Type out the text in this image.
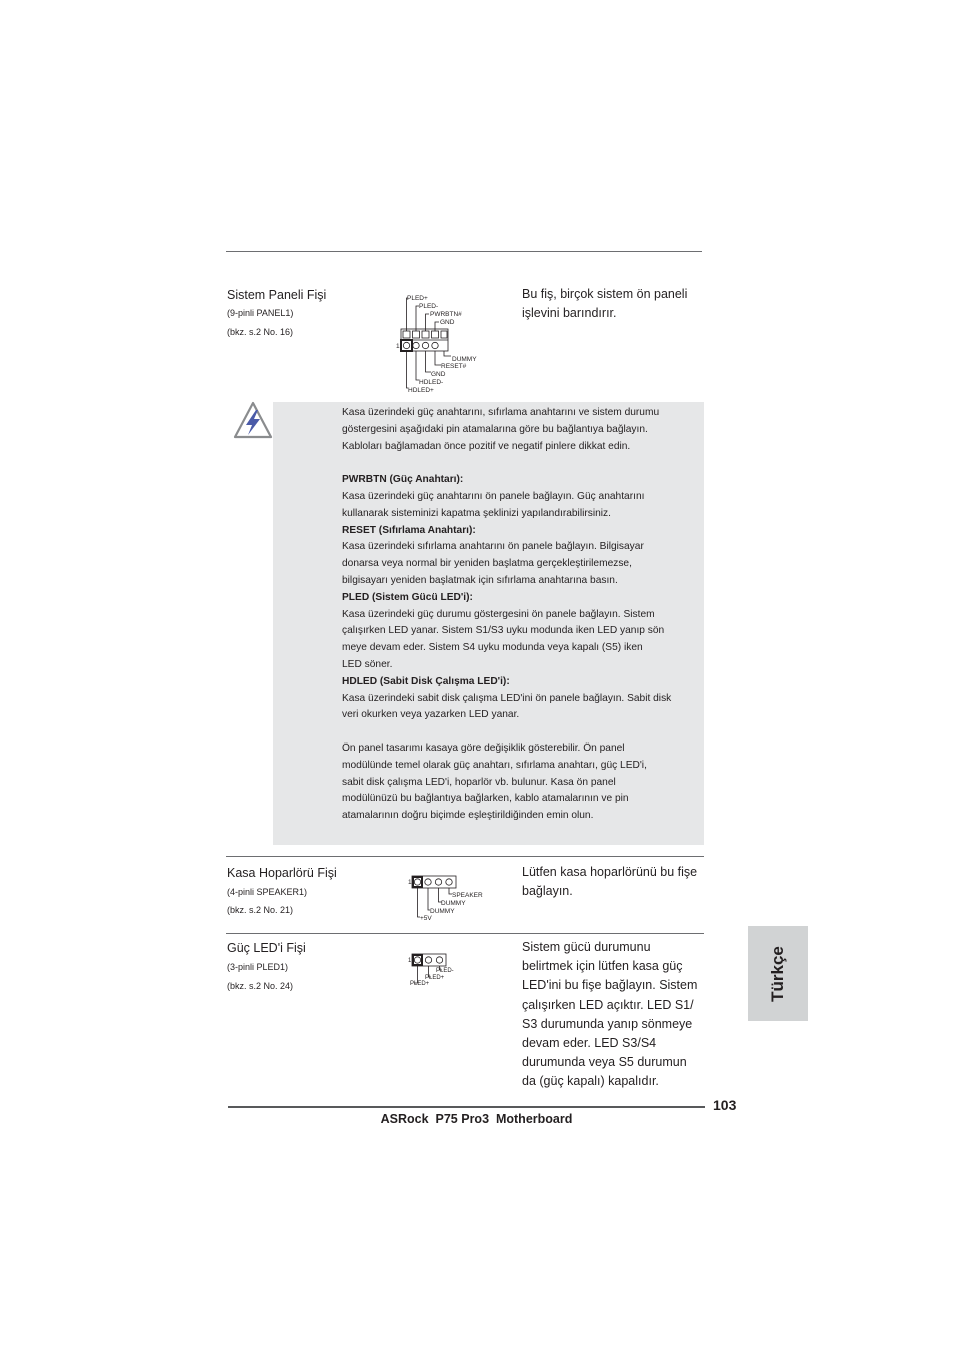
Sistem Paneli Fişi
(9-pinli PANEL1)
(bkz. s.2 No. 16)
Bu fiş, birçok sistem ön paneli
işlevini barındırır.
PLED+
PLED-
PWRBTN#
GND
1
DUMMY
RESET#
GND
HDLED-
HDLED+

Kasa üzerindeki güç anahtarını, sıfırlama anahtarını ve sistem durumu

göstergesini aşağıdaki pin atamalarına göre bu bağlantıya bağlayın.

Kabloları bağlamadan önce pozitif ve negatif pinlere dikkat edin.

PWRBTN (Güç Anahtarı):

Kasa üzerindeki güç anahtarını ön panele bağlayın. Güç anahtarını

kullanarak sisteminizi kapatma şeklinizi yapılandırabilirsiniz.

RESET (Sıfırlama Anahtarı):

Kasa üzerindeki sıfırlama anahtarını ön panele bağlayın. Bilgisayar

donarsa veya normal bir yeniden başlatma gerçekleştirilemezse,

bilgisayarı yeniden başlatmak için sıfırlama anahtarına basın.

PLED (Sistem Gücü LED'i):

Kasa üzerindeki güç durumu göstergesini ön panele bağlayın. Sistem

çalışırken LED yanar. Sistem S1/S3 uyku modunda iken LED yanıp sön

meye devam eder. Sistem S4 uyku modunda veya kapalı (S5) iken

LED söner.

HDLED (Sabit Disk Çalışma LED'i):

Kasa üzerindeki sabit disk çalışma LED'ini ön panele bağlayın. Sabit disk

veri okurken veya yazarken LED yanar.

Ön panel tasarımı kasaya göre değişiklik gösterebilir. Ön panel

modülünde temel olarak güç anahtarı, sıfırlama anahtarı, güç LED'i,

sabit disk çalışma LED'i, hoparlör vb. bulunur. Kasa ön panel

modülünüzü bu bağlantıya bağlarken, kablo atamalarının ve pin

atamalarının doğru biçimde eşleştirildiğinden emin olun.

Kasa Hoparlörü Fişi
(4-pinli SPEAKER1)
(bkz. s.2 No. 21)
Lütfen kasa hoparlörünü bu fişe
bağlayın.
1
SPEAKER
DUMMY
DUMMY
+5V
Güç LED'i Fişi
(3-pinli PLED1)
(bkz. s.2 No. 24)
Sistem gücü durumunu
belirtmek için lütfen kasa güç
LED'ini bu fişe bağlayın. Sistem
çalışırken LED açıktır. LED S1/
S3 durumunda yanıp sönmeye
devam eder. LED S3/S4
durumunda veya S5 durumun
da (güç kapalı) kapalıdır.
1
PLED-
PLED+
PLED+	Türkçe
103
ASRock  P75 Pro3  Motherboard
